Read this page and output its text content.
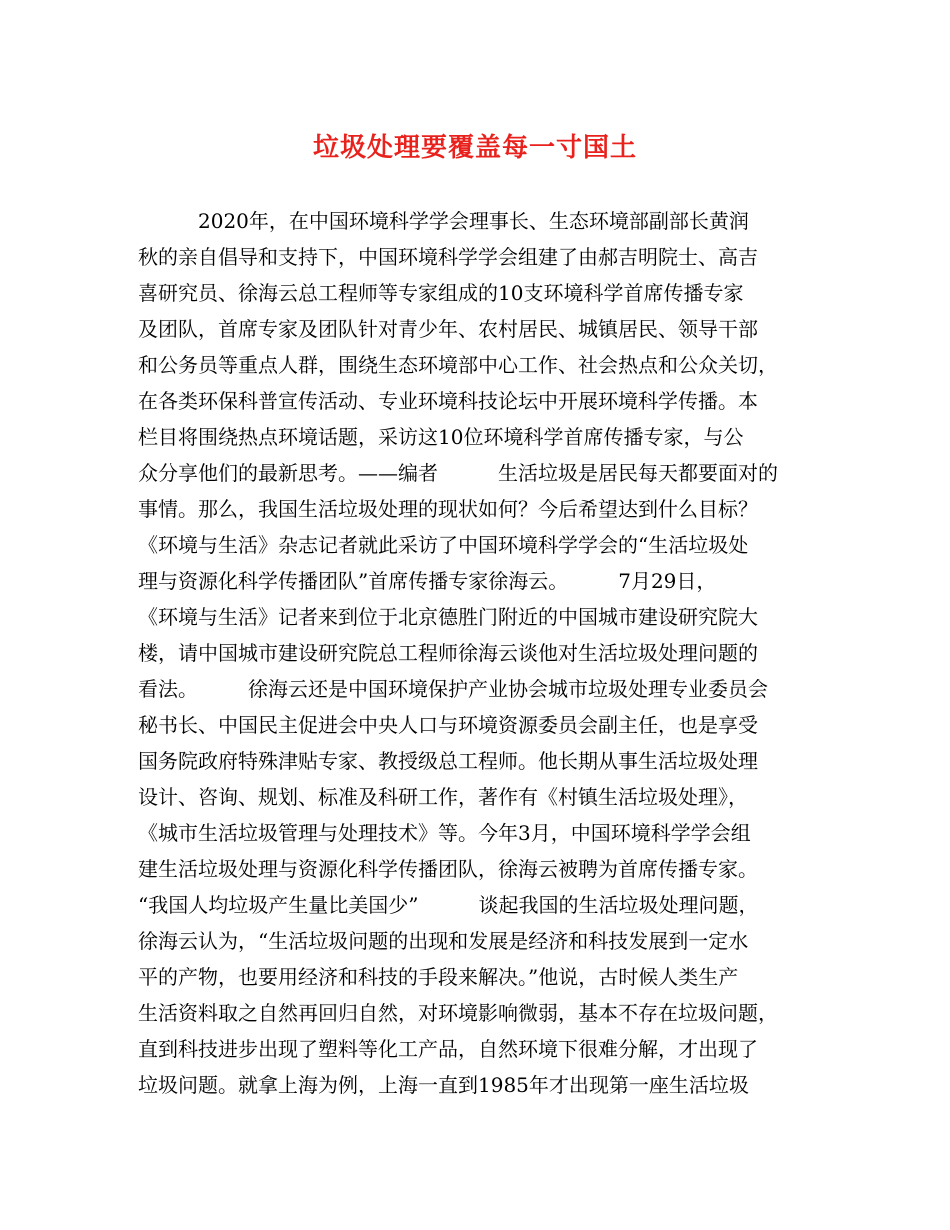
垃圾处理要覆盖每一寸国土
　　　2020年，在中国环境科学学会理事长、生态环境部副部长黄润
秋的亲自倡导和支持下，中国环境科学学会组建了由郝吉明院士、高吉
喜研究员、徐海云总工程师等专家组成的10支环境科学首席传播专家
及团队，首席专家及团队针对青少年、农村居民、城镇居民、领导干部
和公务员等重点人群，围绕生态环境部中心工作、社会热点和公众关切，
在各类环保科普宣传活动、专业环境科技论坛中开展环境科学传播。本
栏目将围绕热点环境话题，采访这10位环境科学首席传播专家，与公
众分享他们的最新思考。——编者　　　生活垃圾是居民每天都要面对的
事情。那么，我国生活垃圾处理的现状如何？今后希望达到什么目标？
《环境与生活》杂志记者就此采访了中国环境科学学会的“生活垃圾处
理与资源化科学传播团队”首席传播专家徐海云。　　　7月29日，
《环境与生活》记者来到位于北京德胜门附近的中国城市建设研究院大
楼，请中国城市建设研究院总工程师徐海云谈他对生活垃圾处理问题的
看法。　　　徐海云还是中国环境保护产业协会城市垃圾处理专业委员会
秘书长、中国民主促进会中央人口与环境资源委员会副主任，也是享受
国务院政府特殊津贴专家、教授级总工程师。他长期从事生活垃圾处理
设计、咨询、规划、标准及科研工作，著作有《村镇生活垃圾处理》，
《城市生活垃圾管理与处理技术》等。今年3月，中国环境科学学会组
建生活垃圾处理与资源化科学传播团队，徐海云被聘为首席传播专家。
“我国人均垃圾产生量比美国少”　　　谈起我国的生活垃圾处理问题，
徐海云认为，“生活垃圾问题的出现和发展是经济和科技发展到一定水
平的产物，也要用经济和科技的手段来解决。”他说，古时候人类生产
生活资料取之自然再回归自然，对环境影响微弱，基本不存在垃圾问题，
直到科技进步出现了塑料等化工产品，自然环境下很难分解，才出现了
垃圾问题。就拿上海为例，上海一直到1985年才出现第一座生活垃圾
